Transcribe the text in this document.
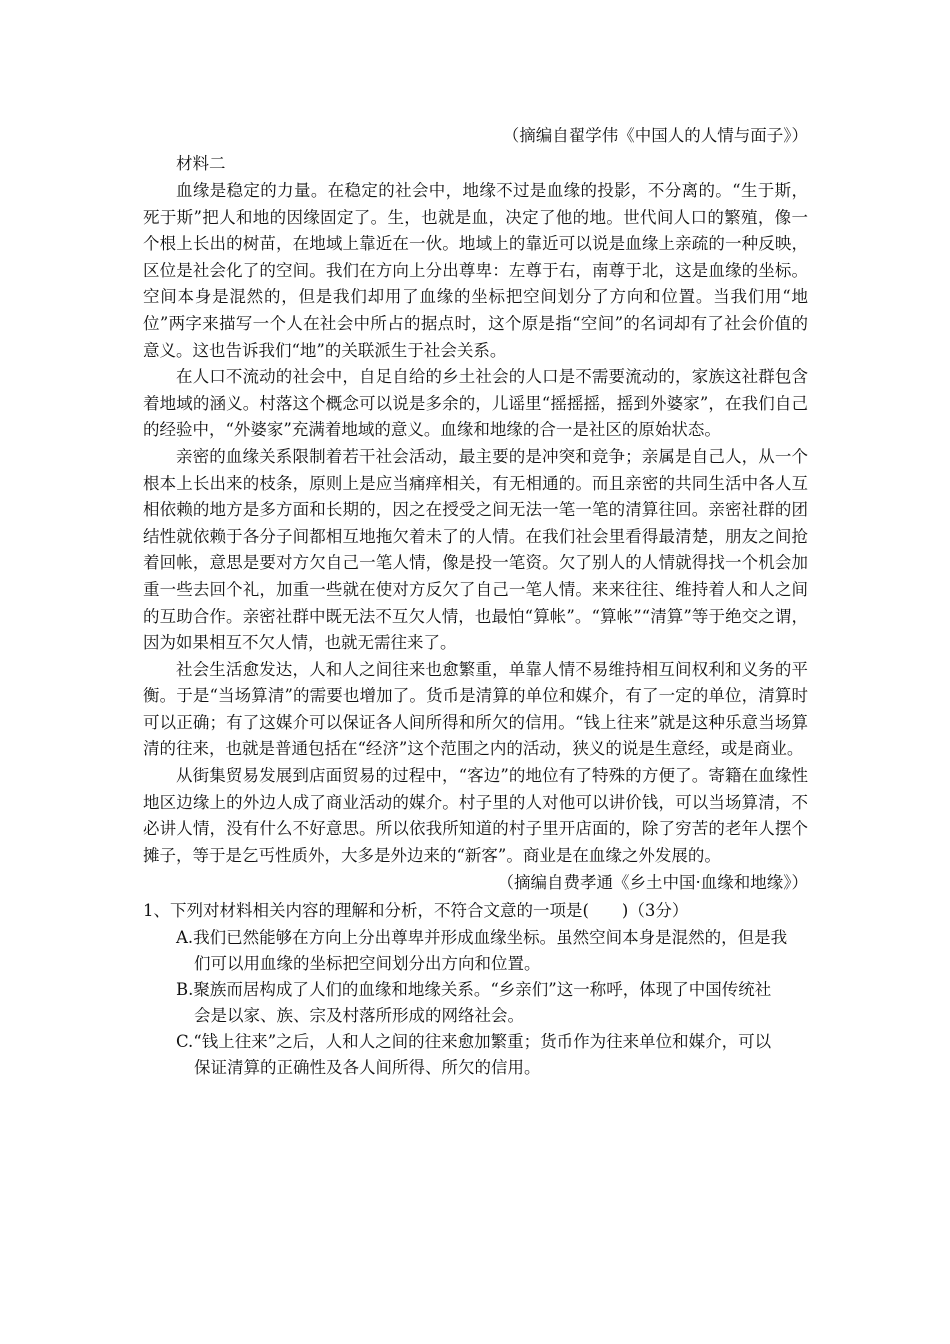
（摘编自翟学伟《中国人的人情与面子》）

材料二

血缘是稳定的力量。在稳定的社会中，地缘不过是血缘的投影，不分离的。“生于斯，死于斯”把人和地的因缘固定了。生，也就是血，决定了他的地。世代间人口的繁殖，像一个根上长出的树苗，在地域上靠近在一伙。地域上的靠近可以说是血缘上亲疏的一种反映，区位是社会化了的空间。我们在方向上分出尊卑：左尊于右，南尊于北，这是血缘的坐标。空间本身是混然的，但是我们却用了血缘的坐标把空间划分了方向和位置。当我们用“地位”两字来描写一个人在社会中所占的据点时，这个原是指“空间”的名词却有了社会价值的意义。这也告诉我们“地”的关联派生于社会关系。

在人口不流动的社会中，自足自给的乡土社会的人口是不需要流动的，家族这社群包含着地域的涵义。村落这个概念可以说是多余的，儿谣里“摇摇摇，摇到外婆家”，在我们自己的经验中，“外婆家”充满着地域的意义。血缘和地缘的合一是社区的原始状态。

亲密的血缘关系限制着若干社会活动，最主要的是冲突和竞争；亲属是自己人，从一个根本上长出来的枝条，原则上是应当痛痒相关，有无相通的。而且亲密的共同生活中各人互相依赖的地方是多方面和长期的，因之在授受之间无法一笔一笔的清算往回。亲密社群的团结性就依赖于各分子间都相互地拖欠着未了的人情。在我们社会里看得最清楚，朋友之间抢着回帐，意思是要对方欠自己一笔人情，像是投一笔资。欠了别人的人情就得找一个机会加重一些去回个礼，加重一些就在使对方反欠了自己一笔人情。来来往往、维持着人和人之间的互助合作。亲密社群中既无法不互欠人情，也最怕“算帐”。“算帐”“清算”等于绝交之谓，因为如果相互不欠人情，也就无需往来了。

社会生活愈发达，人和人之间往来也愈繁重，单靠人情不易维持相互间权利和义务的平衡。于是“当场算清”的需要也增加了。货币是清算的单位和媒介，有了一定的单位，清算时可以正确；有了这媒介可以保证各人间所得和所欠的信用。“钱上往来”就是这种乐意当场算清的往来，也就是普通包括在“经济”这个范围之内的活动，狭义的说是生意经，或是商业。

从街集贸易发展到店面贸易的过程中，“客边”的地位有了特殊的方便了。寄籍在血缘性地区边缘上的外边人成了商业活动的媒介。村子里的人对他可以讲价钱，可以当场算清，不必讲人情，没有什么不好意思。所以依我所知道的村子里开店面的，除了穷苦的老年人摆个摊子，等于是乞丐性质外，大多是外边来的“新客”。商业是在血缘之外发展的。

（摘编自费孝通《乡土中国·血缘和地缘》）

1、下列对材料相关内容的理解和分析，不符合文意的一项是(　　)（3分）

A.我们已然能够在方向上分出尊卑并形成血缘坐标。虽然空间本身是混然的，但是我

们可以用血缘的坐标把空间划分出方向和位置。

B.聚族而居构成了人们的血缘和地缘关系。“乡亲们”这一称呼，体现了中国传统社

会是以家、族、宗及村落所形成的网络社会。

C.“钱上往来”之后，人和人之间的往来愈加繁重；货币作为往来单位和媒介，可以

保证清算的正确性及各人间所得、所欠的信用。
